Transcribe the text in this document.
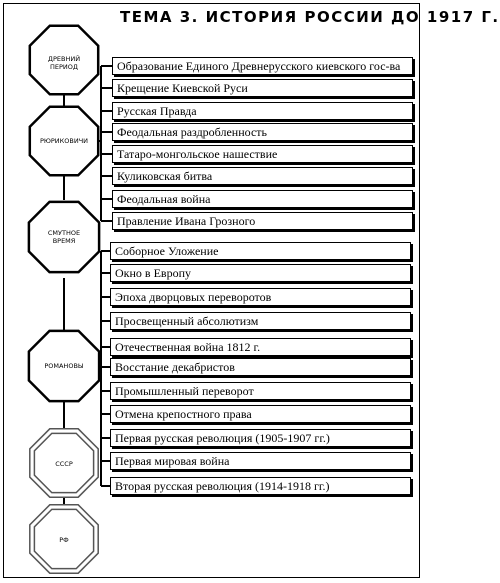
ТЕМА 3. ИСТОРИЯ РОССИИ ДО 1917 Г.
ДРЕВНИЙ ПЕРИОД
РЮРИКОВИЧИ
СМУТНОЕ ВРЕМЯ
РОМАНОВЫ
СССР
РФ
Образование Единого Древнерусского киевского гос-ва
Крещение Киевской Руси
Русская Правда
Феодальная раздробленность
Татаро-монгольское нашествие
Куликовская битва
Феодальная война
Правление Ивана Грозного
Соборное Уложение
Окно в Европу
Эпоха дворцовых переворотов
Просвещенный абсолютизм
Отечественная война 1812 г.
Восстание декабристов
Промышленный переворот
Отмена крепостного права
Первая русская революция (1905-1907 гг.)
Первая мировая война
Вторая русская революция (1914-1918 гг.)
